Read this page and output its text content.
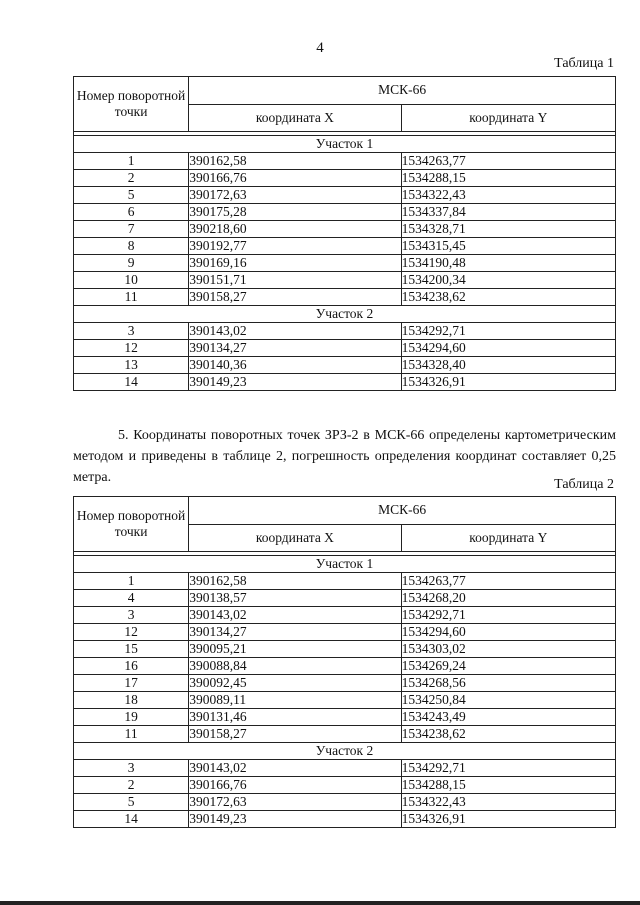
4
Таблица 1
Номер поворотной точки	МСК-66	
	координата X	координата Y

Участок 1		
1	390162,58	1534263,77
2	390166,76	1534288,15
5	390172,63	1534322,43
6	390175,28	1534337,84
7	390218,60	1534328,71
8	390192,77	1534315,45
9	390169,16	1534190,48
10	390151,71	1534200,34
11	390158,27	1534238,62
Участок 2		
3	390143,02	1534292,71
12	390134,27	1534294,60
13	390140,36	1534328,40
14	390149,23	1534326,91
5. Координаты поворотных точек ЗРЗ-2 в МСК-66 определены картометрическим методом и приведены в таблице 2, погрешность определения координат составляет 0,25 метра.	Таблица 2
Номер поворотной точки	МСК-66	
	координата X	координата Y

Участок 1		
1	390162,58	1534263,77
4	390138,57	1534268,20
3	390143,02	1534292,71
12	390134,27	1534294,60
15	390095,21	1534303,02
16	390088,84	1534269,24
17	390092,45	1534268,56
18	390089,11	1534250,84
19	390131,46	1534243,49
11	390158,27	1534238,62
Участок 2		
3	390143,02	1534292,71
2	390166,76	1534288,15
5	390172,63	1534322,43
14	390149,23	1534326,91
